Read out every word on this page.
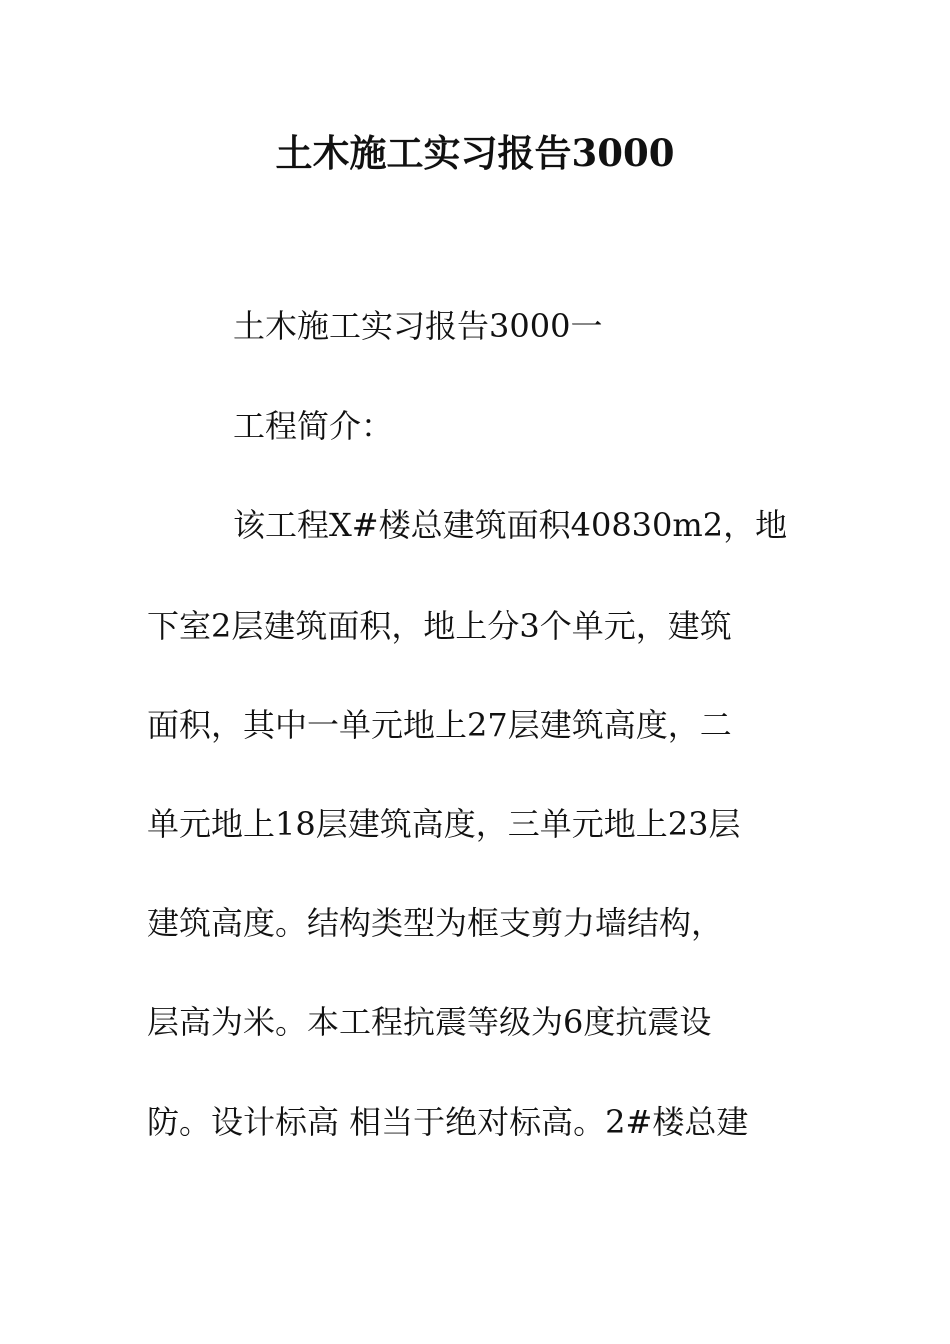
土木施工实习报告3000
土木施工实习报告3000一
工程简介：
该工程X#楼总建筑面积40830m2，地
下室2层建筑面积，地上分3个单元，建筑
面积，其中一单元地上27层建筑高度，二
单元地上18层建筑高度，三单元地上23层
建筑高度。结构类型为框支剪力墙结构，
层高为米。本工程抗震等级为6度抗震设
防。设计标高 相当于绝对标高。2#楼总建
